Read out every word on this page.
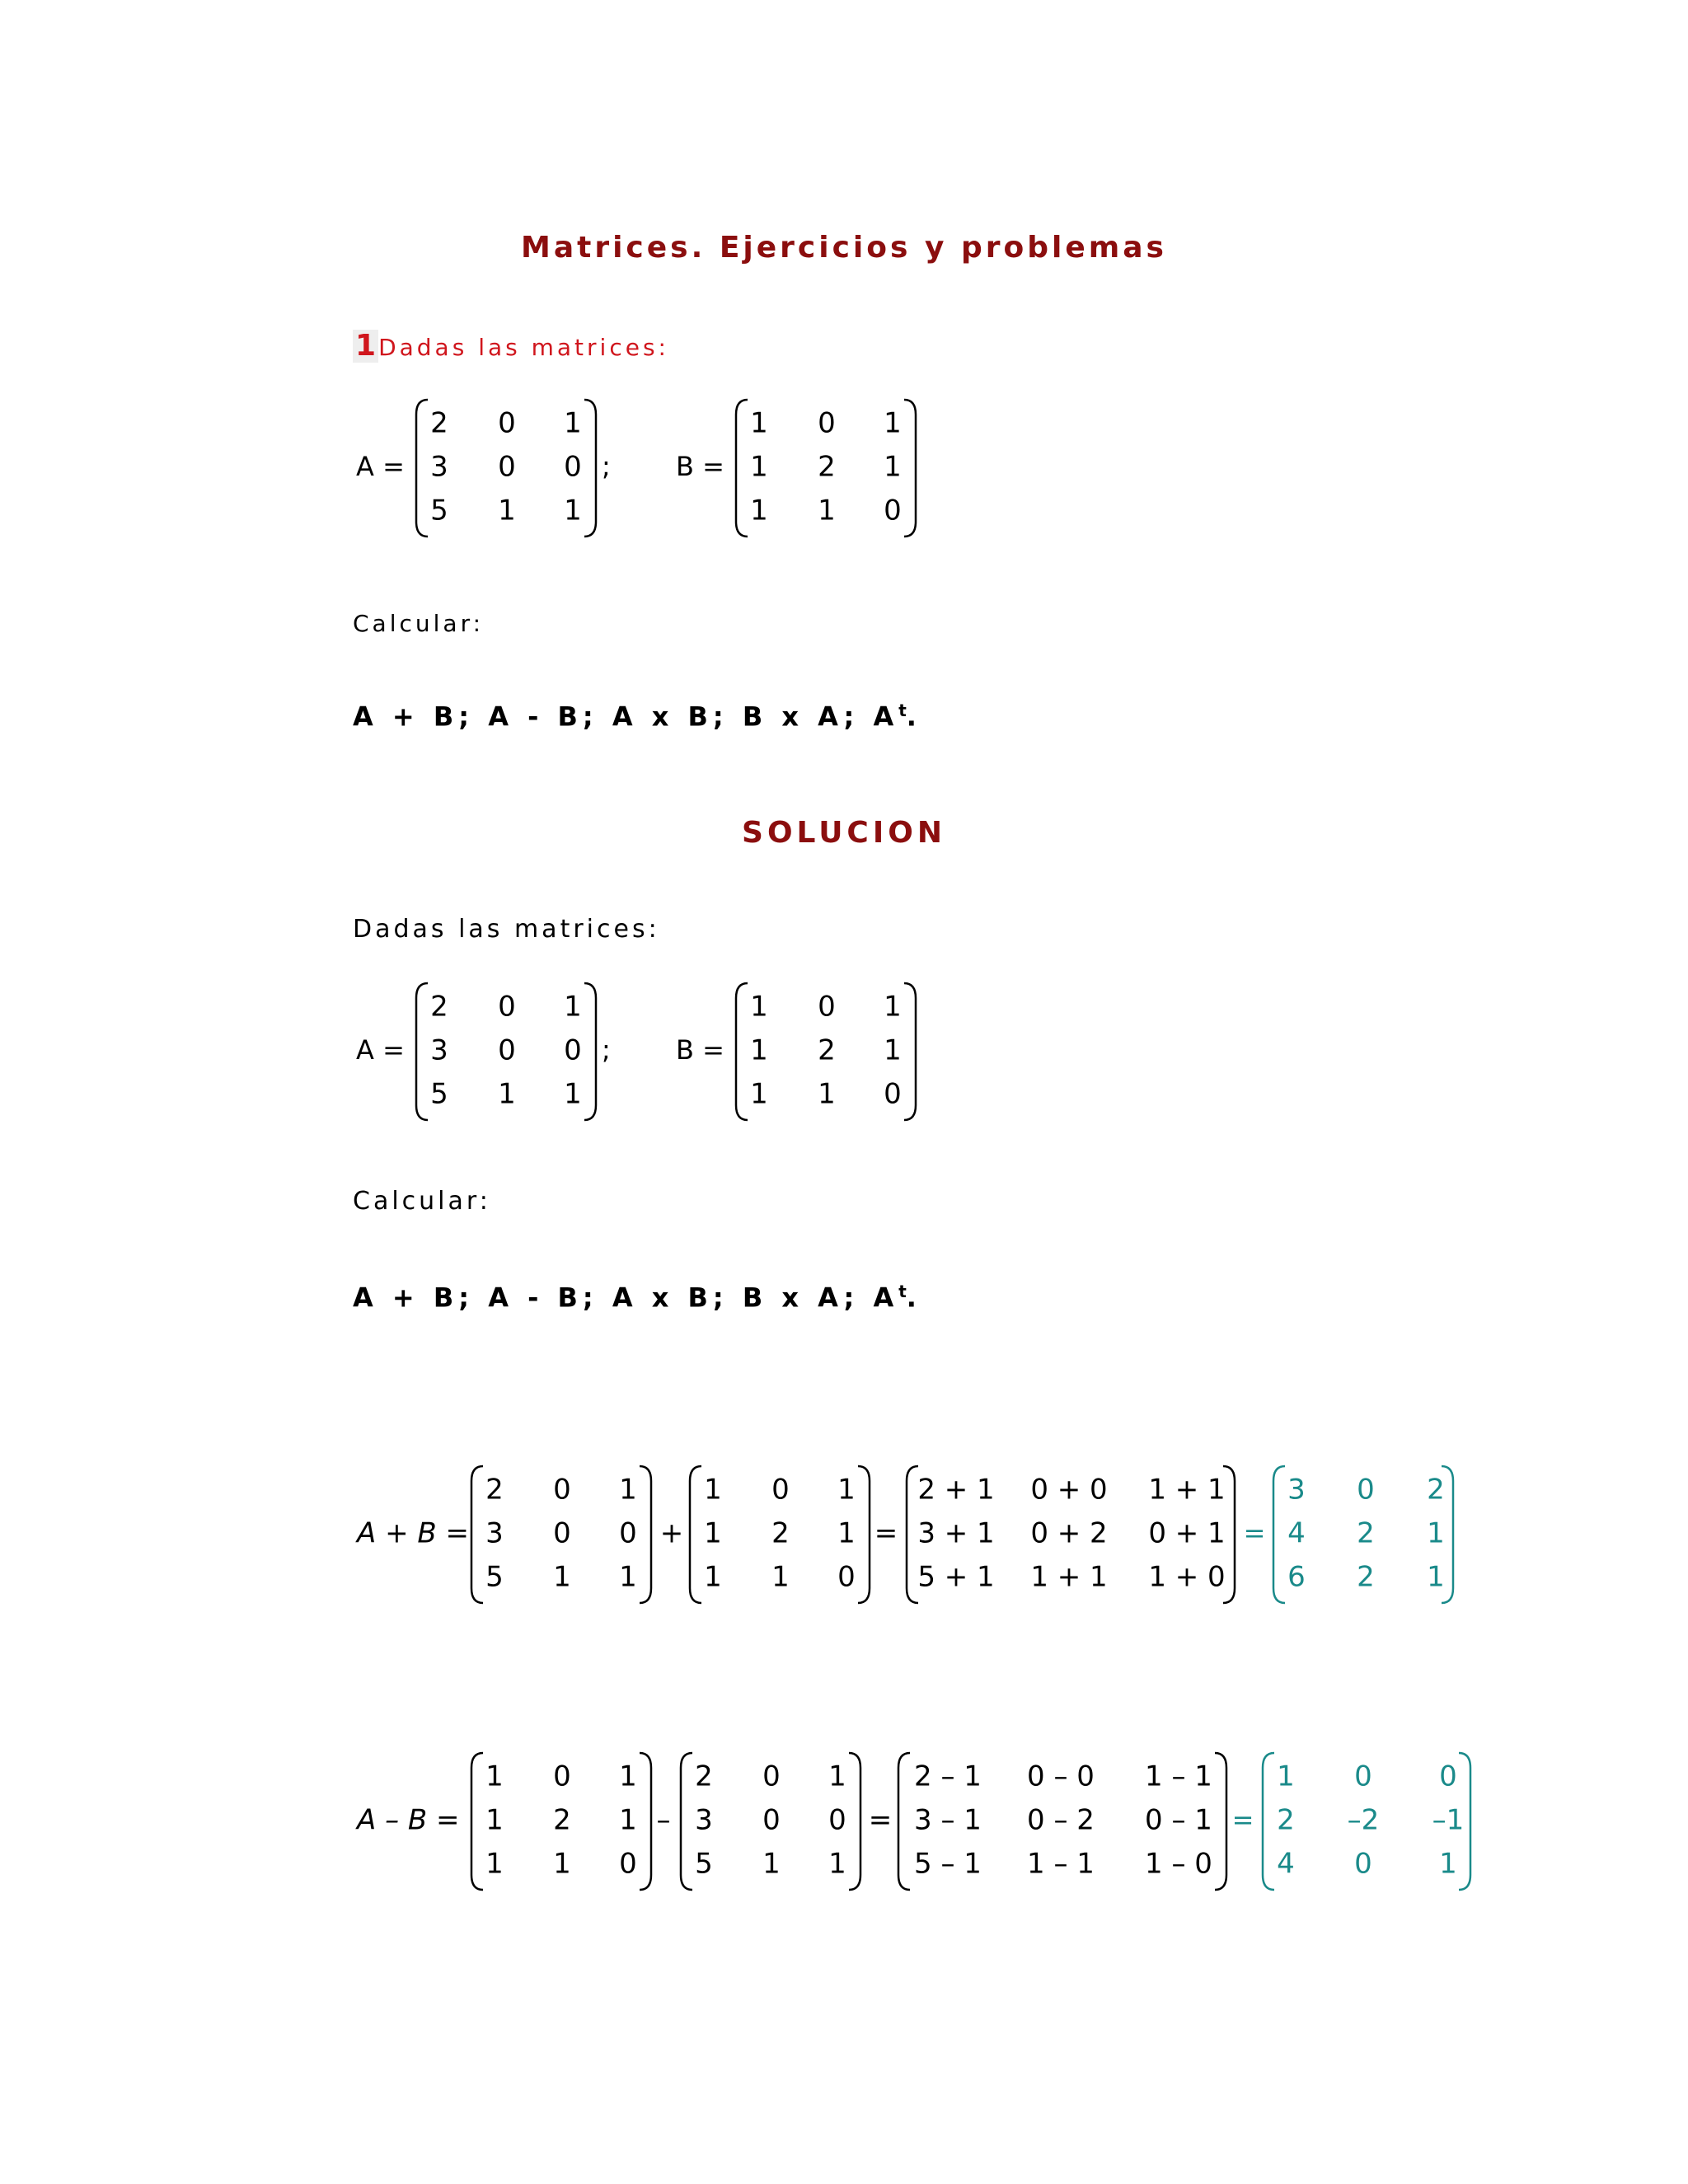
Matrices. Ejercicios y problemas
1 Dadas las matrices:
A =
2 0 1
3 0 0
5 1 1
; B =
1 0 1
1 2 1
1 1 0
A =
2 0 1
3 0 0
5 1 1
; B =
1 0 1
1 2 1
1 1 0
A + B =
2 0 1
3 0 0
5 1 1
+
1 0 1
1 2 1
1 1 0
=
2 + 1 0 + 0 1 + 1
3 + 1 0 + 2 0 + 1
5 + 1 1 + 1 1 + 0
=
3 0 2
4 2 1
6 2 1
A – B =
1 0 1
1 2 1
1 1 0
–
2 0 1
3 0 0
5 1 1
=
2 – 1 0 – 0 1 – 1
3 – 1 0 – 2 0 – 1
5 – 1 1 – 1 1 – 0
=
1 0 0
2 –2 –1
4 0 1
Calcular:
A + B; A - B; A x B; B x A; $A^t$.
SOLUCION
Dadas las matrices:
Calcular:
A + B; A - B; A x B; B x A; $A^t$.
